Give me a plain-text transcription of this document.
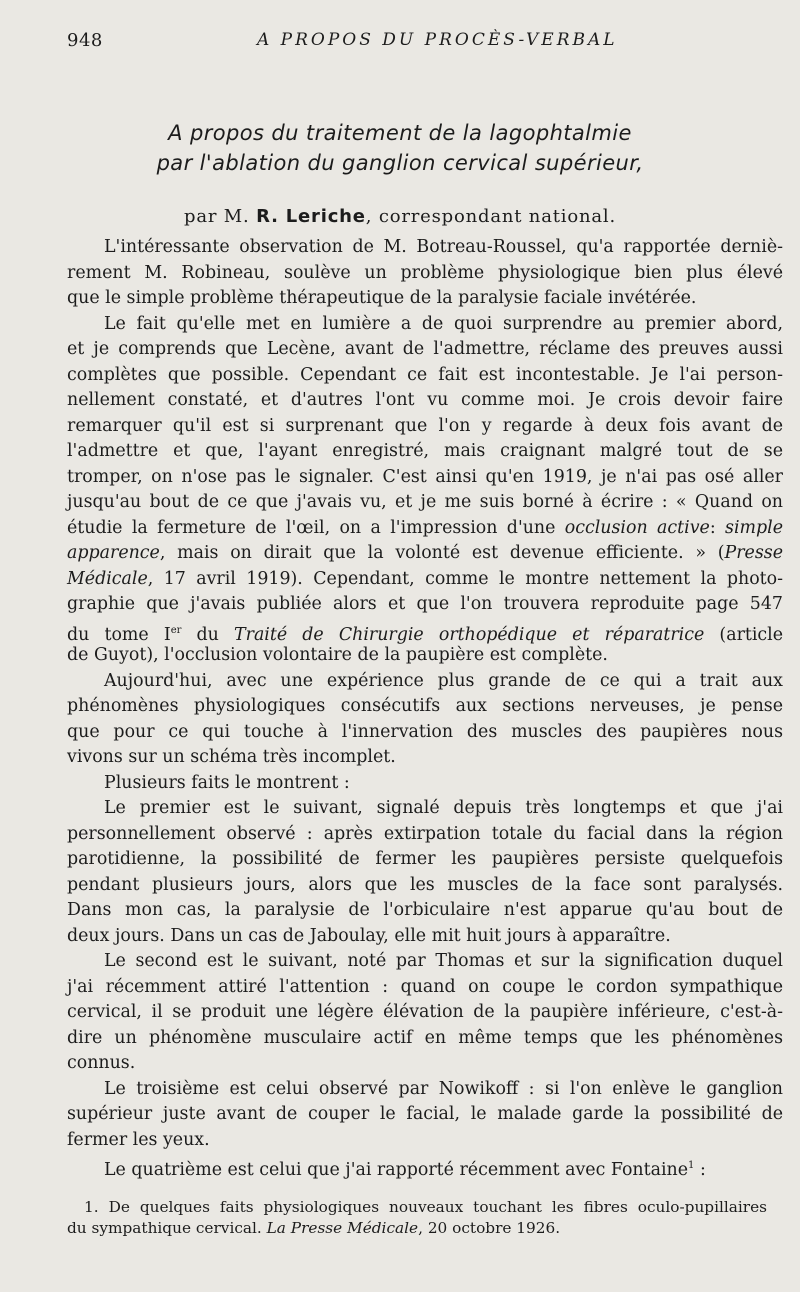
948	A PROPOS DU PROCÈS-VERBAL
A propos du traitement de la lagophtalmie
par l'ablation du ganglion cervical supérieur,
par M. R. Leriche, correspondant national.
L'intéressante observation de M. Botreau-Roussel, qu'a rapportée derniè-
rement M. Robineau, soulève un problème physiologique bien plus élevé
que le simple problème thérapeutique de la paralysie faciale invétérée.
Le fait qu'elle met en lumière a de quoi surprendre au premier abord,
et je comprends que Lecène, avant de l'admettre, réclame des preuves aussi
complètes que possible. Cependant ce fait est incontestable. Je l'ai person-
nellement constaté, et d'autres l'ont vu comme moi. Je crois devoir faire
remarquer qu'il est si surprenant que l'on y regarde à deux fois avant de
l'admettre et que, l'ayant enregistré, mais craignant malgré tout de se
tromper, on n'ose pas le signaler. C'est ainsi qu'en 1919, je n'ai pas osé aller
jusqu'au bout de ce que j'avais vu, et je me suis borné à écrire : « Quand on
étudie la fermeture de l'œil, on a l'impression d'une occlusion active: simple
apparence, mais on dirait que la volonté est devenue efficiente. » (Presse
Médicale, 17 avril 1919). Cependant, comme le montre nettement la photo-
graphie que j'avais publiée alors et que l'on trouvera reproduite page 547
du tome Ier du Traité de Chirurgie orthopédique et réparatrice (article
de Guyot), l'occlusion volontaire de la paupière est complète.
Aujourd'hui, avec une expérience plus grande de ce qui a trait aux
phénomènes physiologiques consécutifs aux sections nerveuses, je pense
que pour ce qui touche à l'innervation des muscles des paupières nous
vivons sur un schéma très incomplet.
Plusieurs faits le montrent :
Le premier est le suivant, signalé depuis très longtemps et que j'ai
personnellement observé : après extirpation totale du facial dans la région
parotidienne, la possibilité de fermer les paupières persiste quelquefois
pendant plusieurs jours, alors que les muscles de la face sont paralysés.
Dans mon cas, la paralysie de l'orbiculaire n'est apparue qu'au bout de
deux jours. Dans un cas de Jaboulay, elle mit huit jours à apparaître.
Le second est le suivant, noté par Thomas et sur la signification duquel
j'ai récemment attiré l'attention : quand on coupe le cordon sympathique
cervical, il se produit une légère élévation de la paupière inférieure, c'est-à-
dire un phénomène musculaire actif en même temps que les phénomènes
connus.
Le troisième est celui observé par Nowikoff : si l'on enlève le ganglion
supérieur juste avant de couper le facial, le malade garde la possibilité de
fermer les yeux.
Le quatrième est celui que j'ai rapporté récemment avec Fontaine$^1$ :
1. De quelques faits physiologiques nouveaux touchant les fibres oculo-pupillaires
du sympathique cervical. La Presse Médicale, 20 octobre 1926.
